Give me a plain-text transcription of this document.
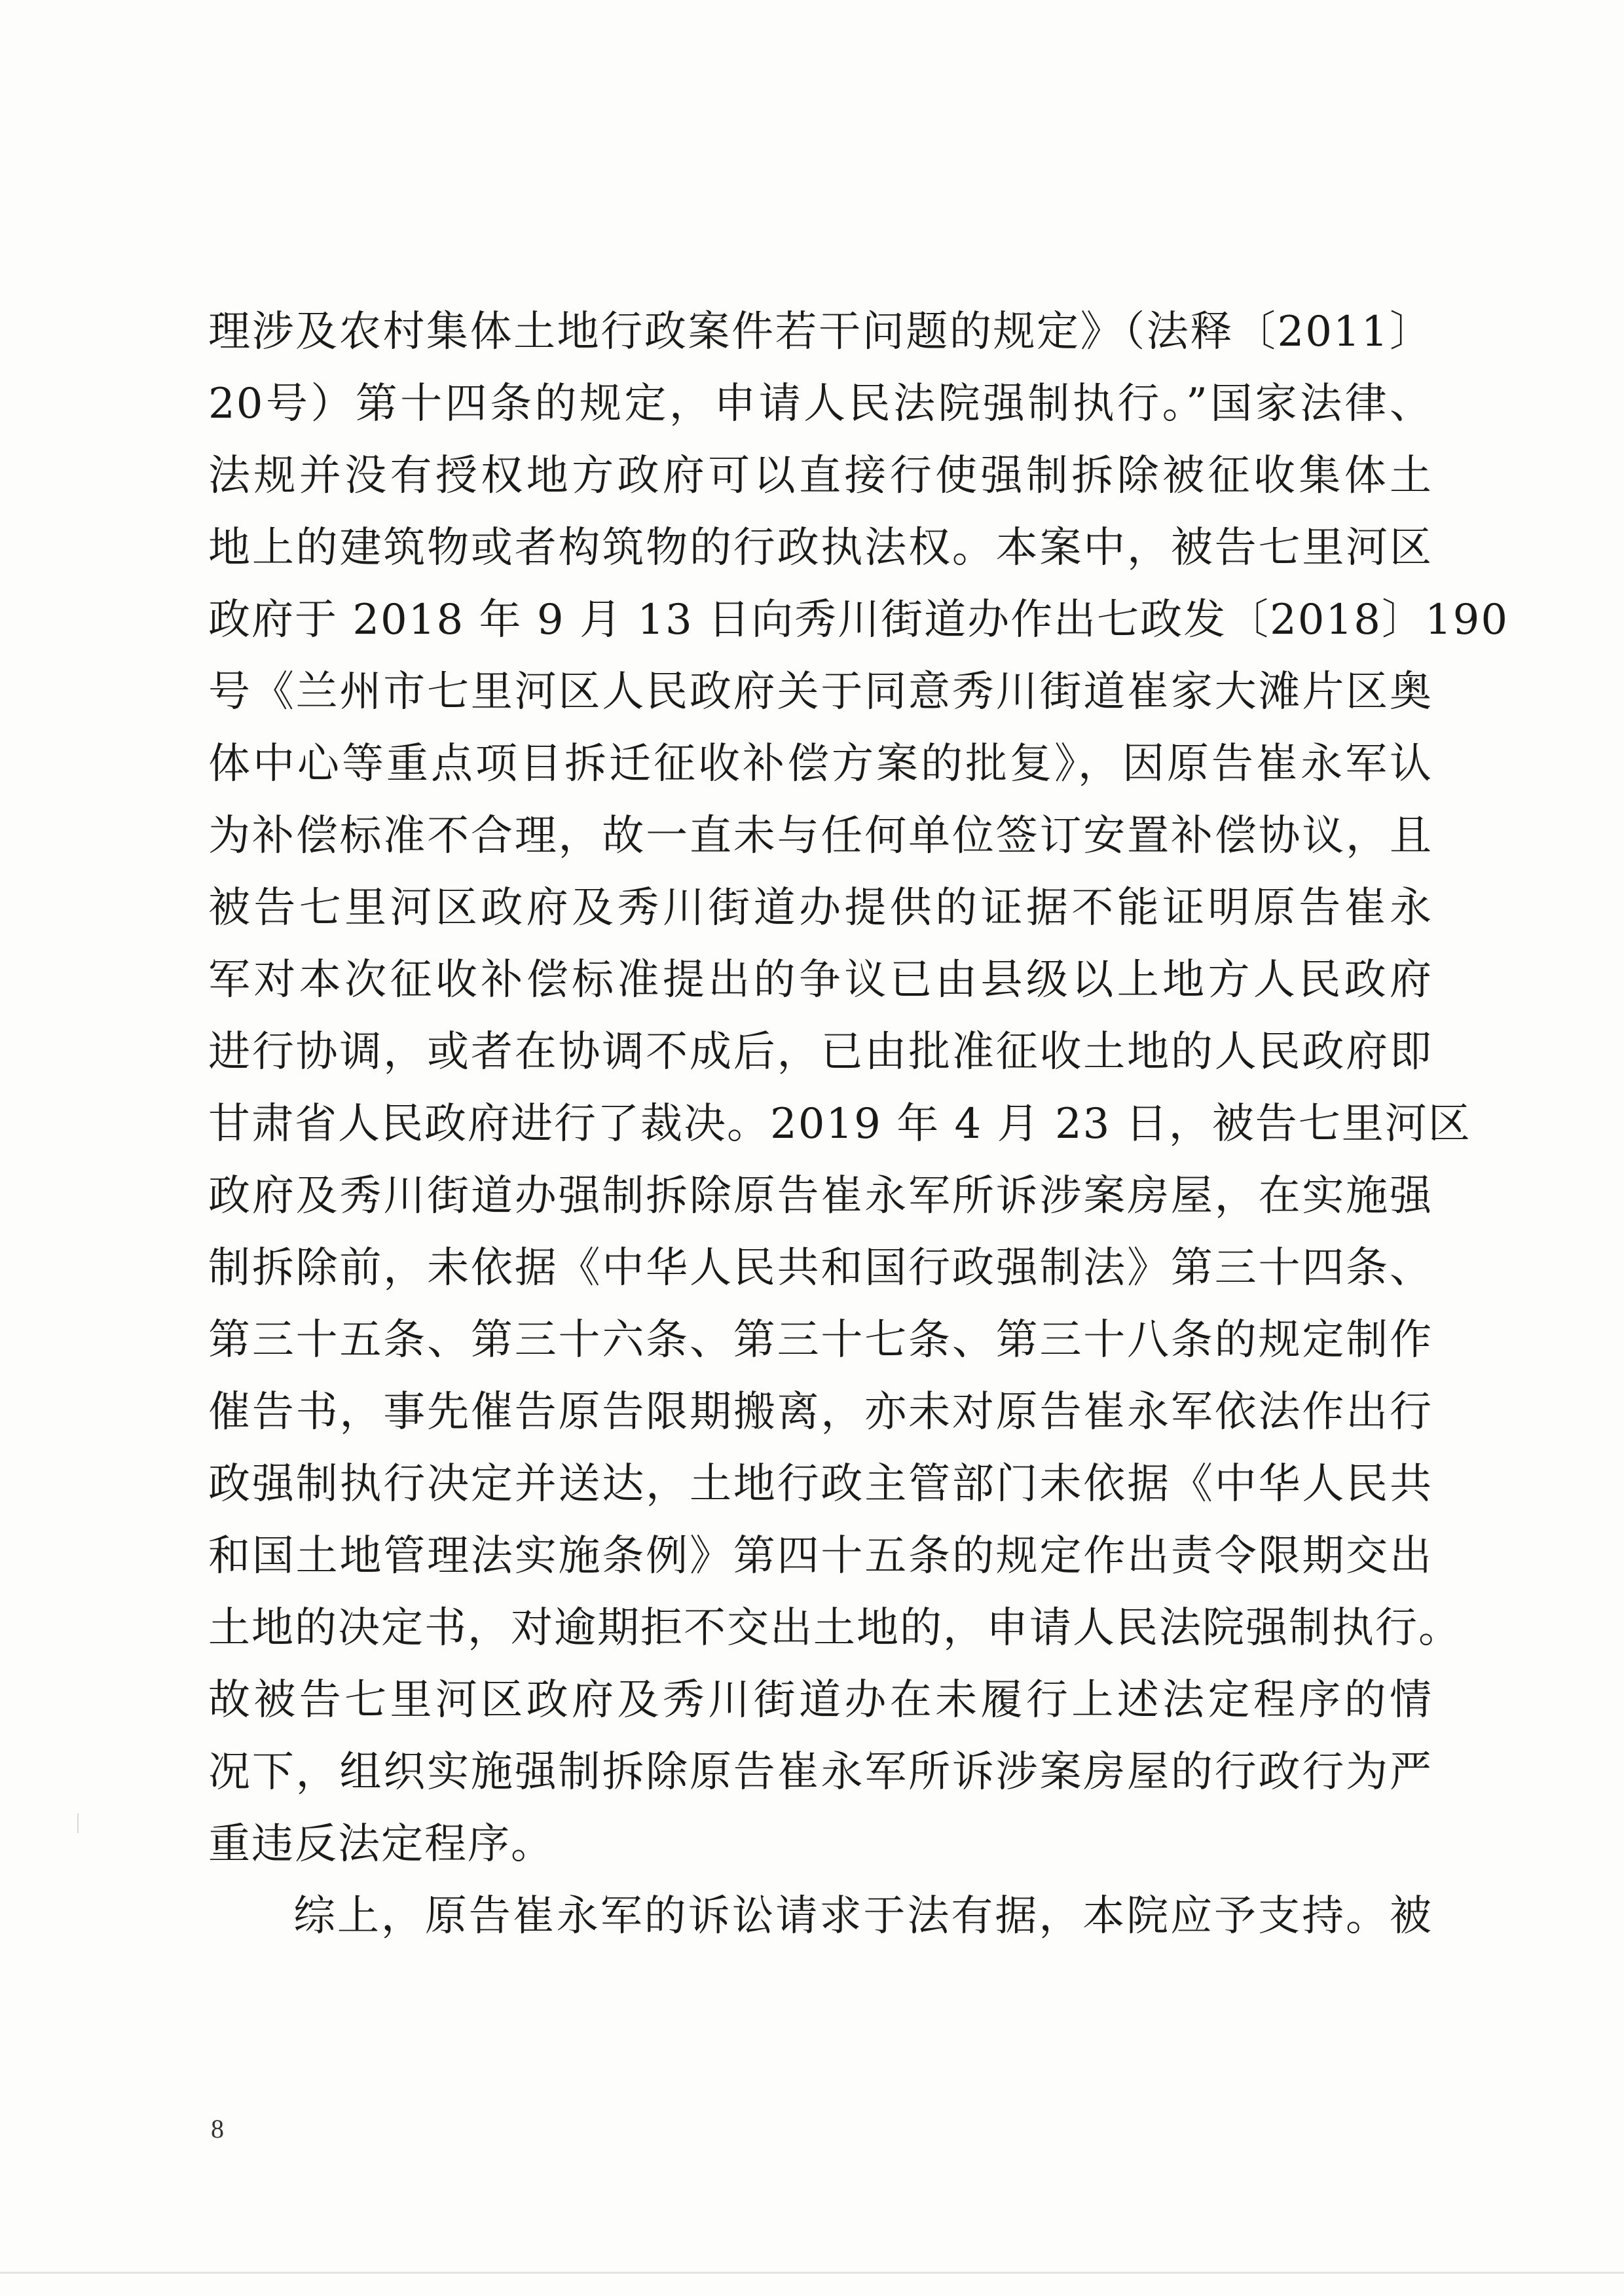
理涉及农村集体土地行政案件若干问题的规定》（法释〔2011〕
20号）第十四条的规定，申请人民法院强制执行。”国家法律、
法规并没有授权地方政府可以直接行使强制拆除被征收集体土
地上的建筑物或者构筑物的行政执法权。本案中，被告七里河区
政府于 2018 年 9 月 13 日向秀川街道办作出七政发〔2018〕190
号《兰州市七里河区人民政府关于同意秀川街道崔家大滩片区奥
体中心等重点项目拆迁征收补偿方案的批复》，因原告崔永军认
为补偿标准不合理，故一直未与任何单位签订安置补偿协议，且
被告七里河区政府及秀川街道办提供的证据不能证明原告崔永
军对本次征收补偿标准提出的争议已由县级以上地方人民政府
进行协调，或者在协调不成后，已由批准征收土地的人民政府即
甘肃省人民政府进行了裁决。2019 年 4 月 23 日，被告七里河区
政府及秀川街道办强制拆除原告崔永军所诉涉案房屋，在实施强
制拆除前，未依据《中华人民共和国行政强制法》第三十四条、
第三十五条、第三十六条、第三十七条、第三十八条的规定制作
催告书，事先催告原告限期搬离，亦未对原告崔永军依法作出行
政强制执行决定并送达，土地行政主管部门未依据《中华人民共
和国土地管理法实施条例》第四十五条的规定作出责令限期交出
土地的决定书，对逾期拒不交出土地的，申请人民法院强制执行。
故被告七里河区政府及秀川街道办在未履行上述法定程序的情
况下，组织实施强制拆除原告崔永军所诉涉案房屋的行政行为严
重违反法定程序。
综上，原告崔永军的诉讼请求于法有据，本院应予支持。被
8
